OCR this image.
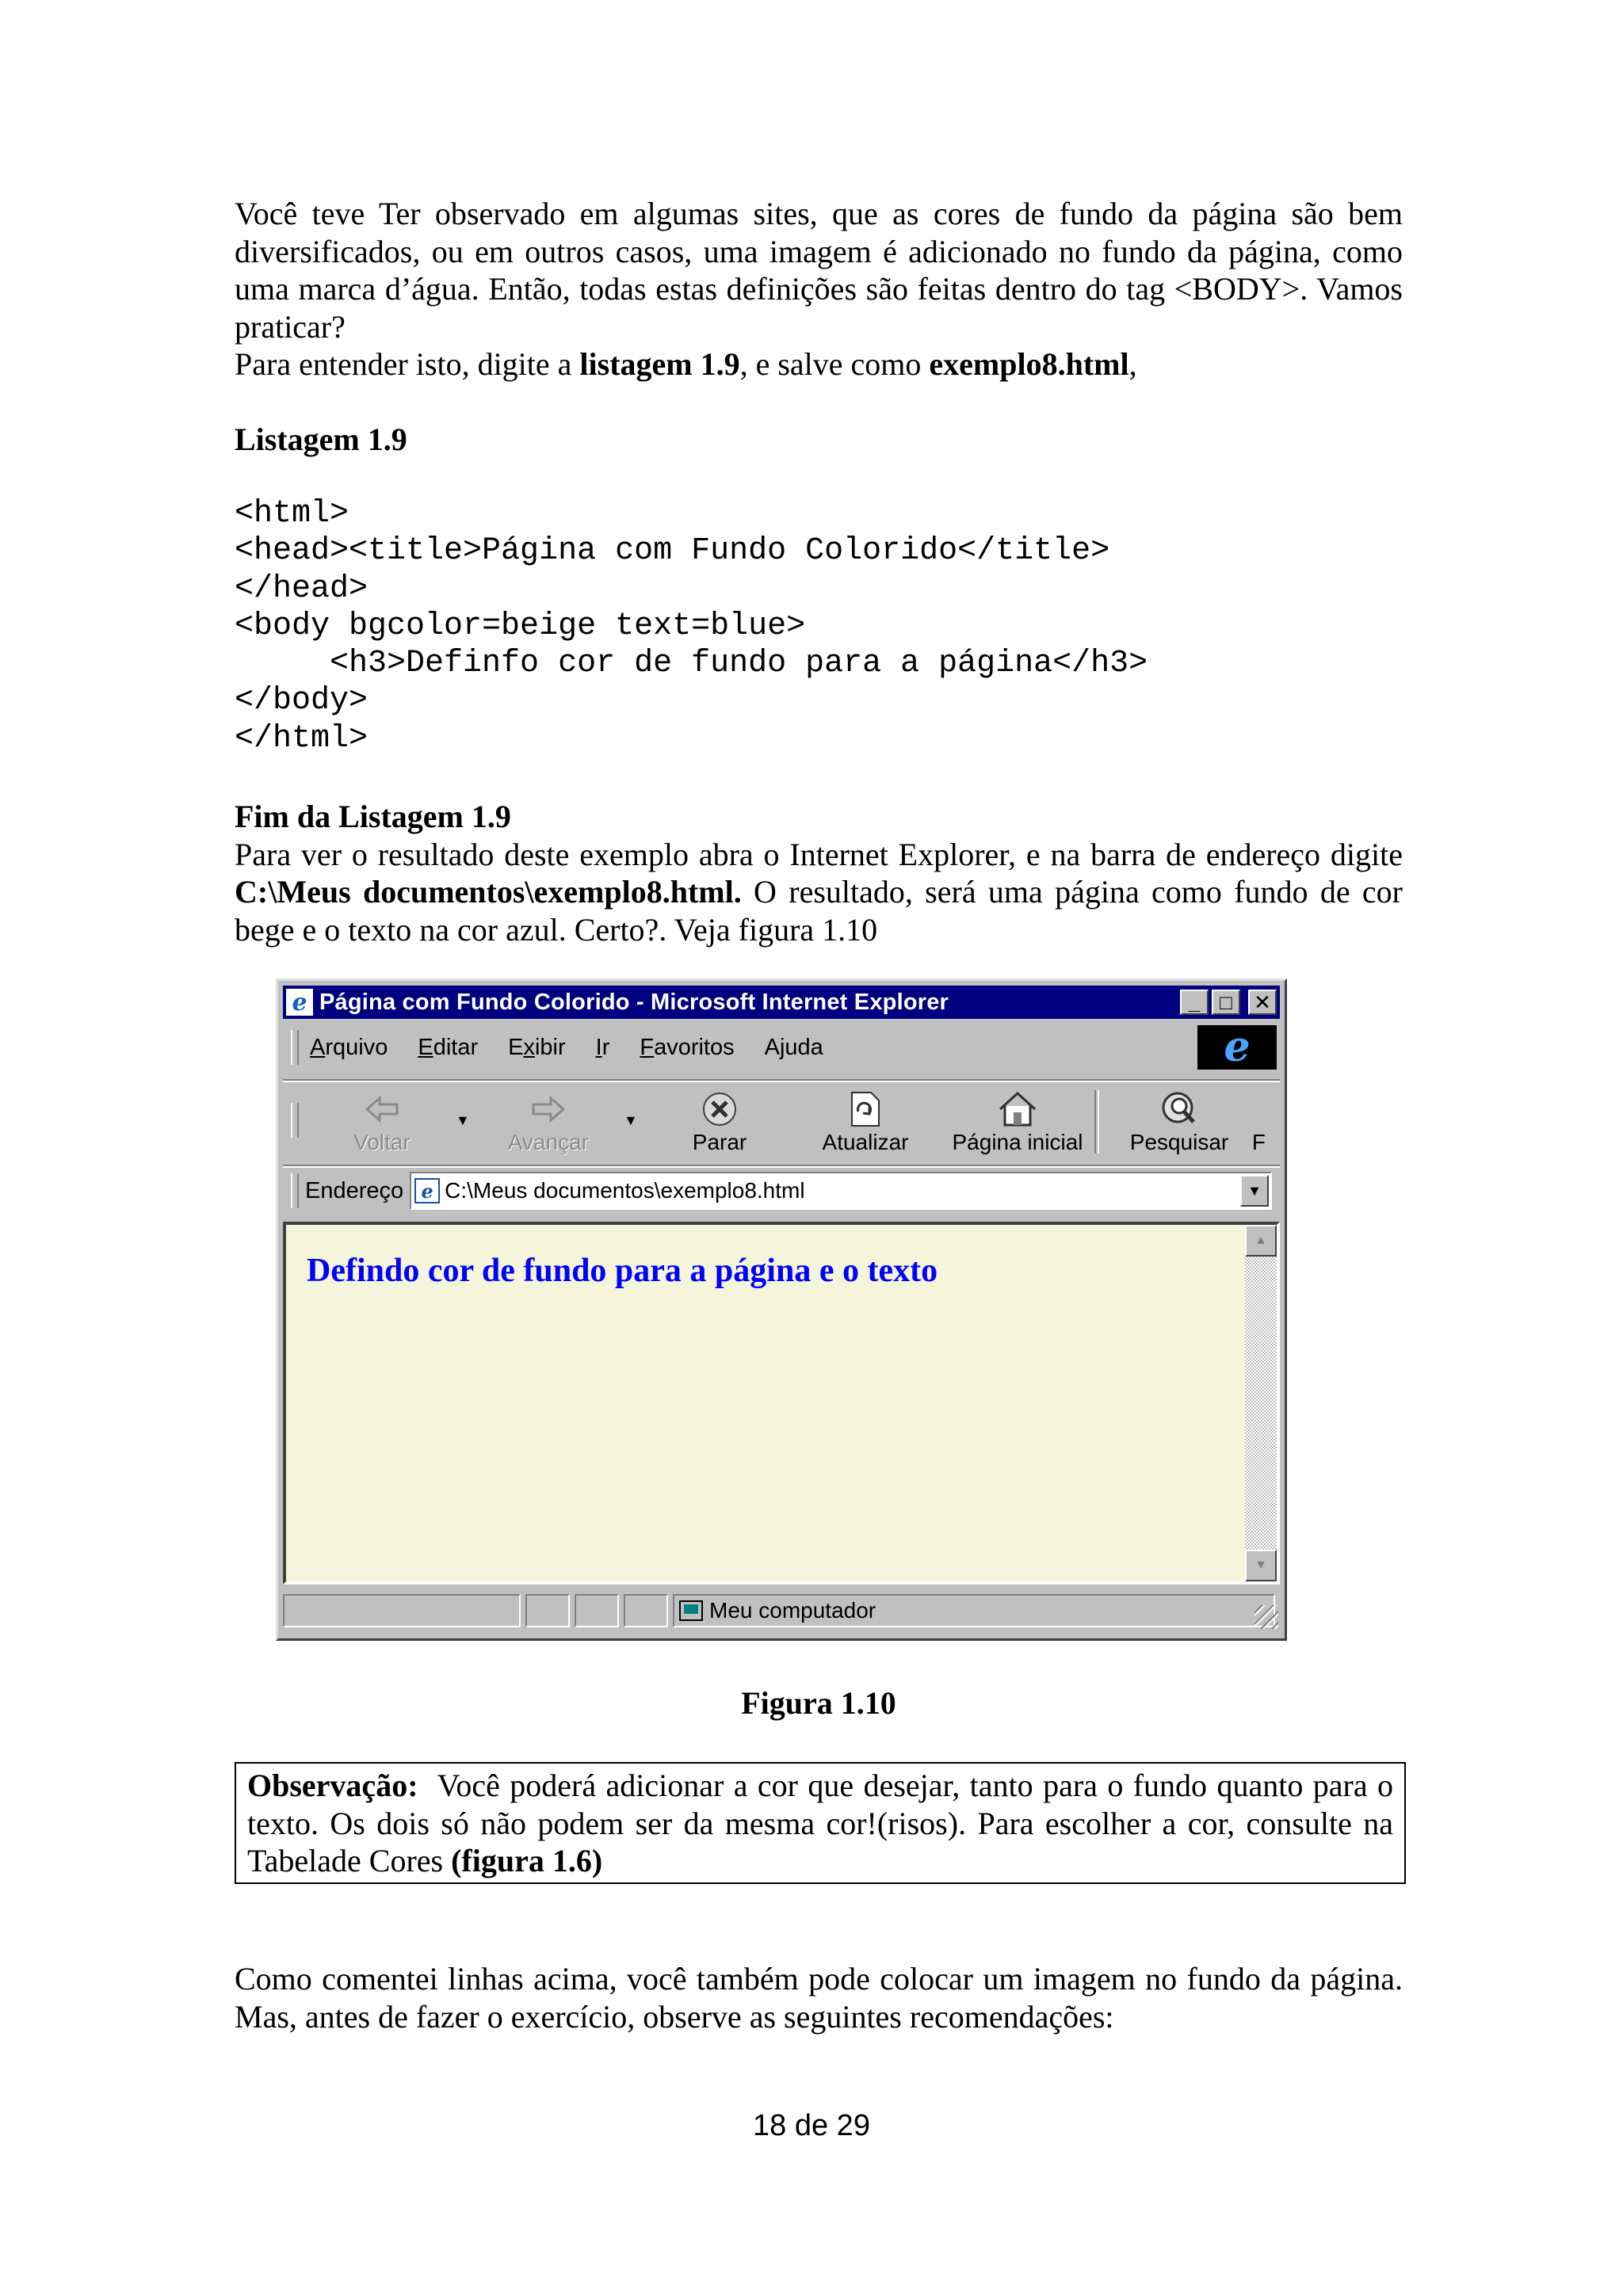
Você teve Ter observado em algumas sites, que as cores de fundo da página são bem diversificados, ou em outros casos, uma imagem é adicionado no fundo da página, como uma marca d’água. Então, todas estas definições são feitas dentro do tag <BODY>. Vamos praticar?

Para entender isto, digite a listagem 1.9, e salve como exemplo8.html,

Listagem 1.9

<html>
<head><title>Página com Fundo Colorido</title>
</head>
<body bgcolor=beige text=blue>
<h3>Definfo cor de fundo para a página</h3>
</body>
</html>

Fim da Listagem 1.9

Para ver o resultado deste exemplo abra o Internet Explorer, e na barra de endereço digite C:\Meus documentos\exemplo8.html. O resultado, será uma página como fundo de cor bege e o texto na cor azul. Certo?. Veja figura 1.10

e Página com Fundo Colorido - Microsoft Internet Explorer	_ □	✕
Arquivo Editar Exibir Ir Favoritos Ajuda	e
Voltar
▼
Avançar
▼
Parar	Atualizar	Página inicial	Pesquisar	F
Endereço e C:\Meus documentos\exemplo8.html	▼
Defindo cor de fundo para a página e o texto
▲
▼
Meu computador

Figura 1.10

Observação:  Você poderá adicionar a cor que desejar, tanto para o fundo quanto para o texto. Os dois só não podem ser da mesma cor!(risos). Para escolher a cor, consulte na Tabelade Cores (figura 1.6)

Como comentei linhas acima, você também pode colocar um imagem no fundo da página. Mas, antes de fazer o exercício, observe as seguintes recomendações:

18 de 29
